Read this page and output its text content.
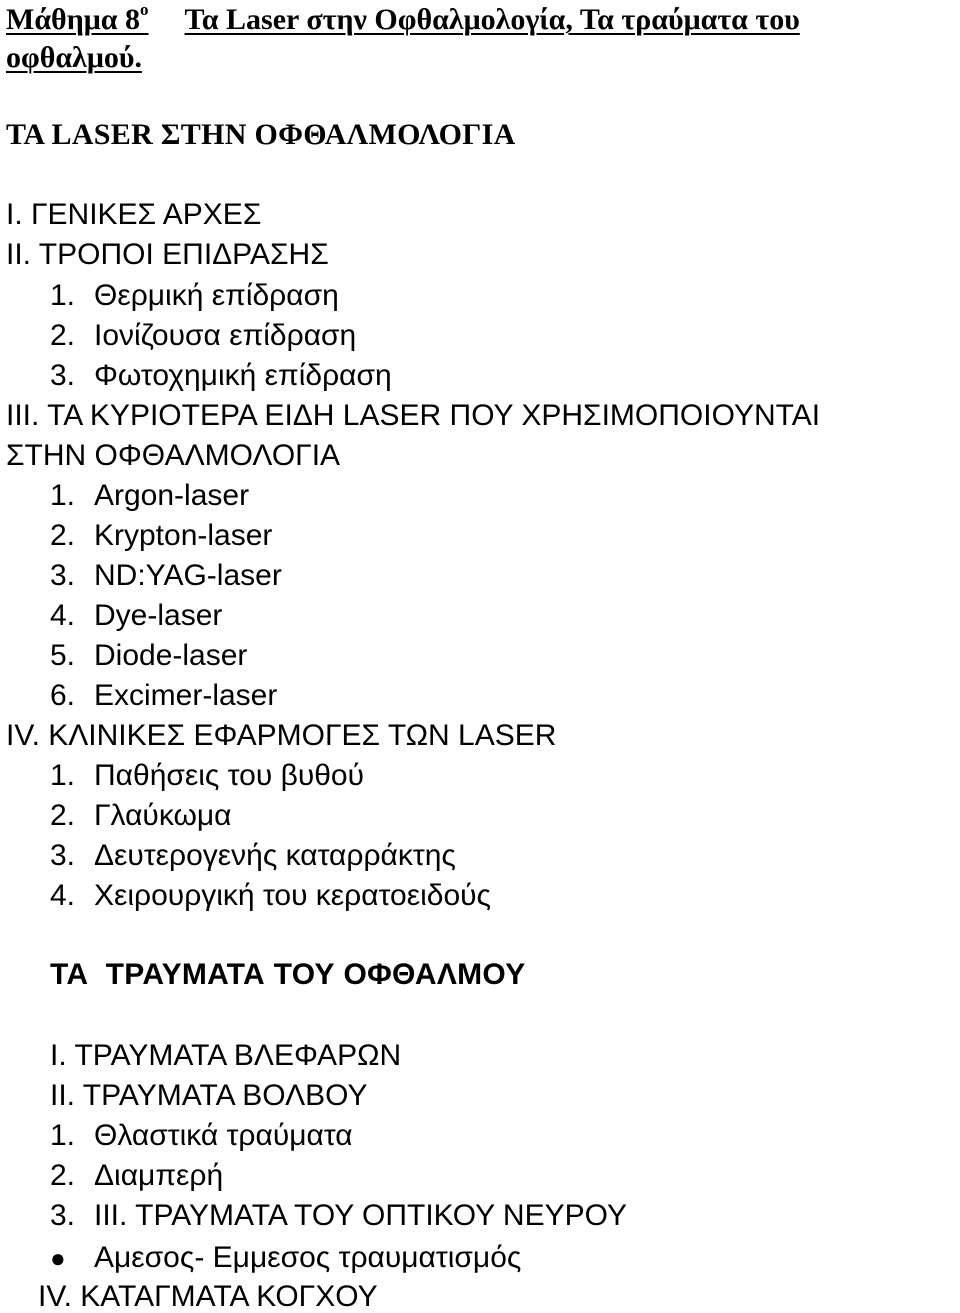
Μάθημα $8^o$ Τα Laser στην Οφθαλμολογία, Τα τραύματα του
οφθαλμού.
ΤΑ LASER ΣΤΗΝ ΟΦΘΑΛΜΟΛΟΓΙΑ
Ι. ΓΕΝΙΚΕΣ ΑΡΧΕΣ
ΙΙ. ΤΡΟΠΟΙ ΕΠΙΔΡΑΣΗΣ
1. Θερμική επίδραση
2. Ιονίζουσα επίδραση
3. Φωτοχημική επίδραση
ΙΙΙ. ΤΑ ΚΥΡΙΟΤΕΡΑ ΕΙΔΗ LASER ΠΟΥ ΧΡΗΣΙΜΟΠΟΙΟΥΝΤΑΙ
ΣΤΗΝ ΟΦΘΑΛΜΟΛΟΓΙΑ
1. Argon-laser
2. Krypton-laser
3. ND:YAG-laser
4. Dye-laser
5. Diode-laser
6. Excimer-laser
IV. ΚΛΙΝΙΚΕΣ ΕΦΑΡΜΟΓΕΣ ΤΩΝ LASER
1. Παθήσεις του βυθού
2. Γλαύκωμα
3. Δευτερογενής καταρράκτης
4. Χειρουργική του κερατοειδούς
ΤΑ  ΤΡΑΥΜΑΤΑ ΤΟΥ ΟΦΘΑΛΜΟΥ
Ι. ΤΡΑΥΜΑΤΑ ΒΛΕΦΑΡΩΝ
ΙΙ. ΤΡΑΥΜΑΤΑ ΒΟΛΒΟΥ
1. Θλαστικά τραύματα
2. Διαμπερή
3. ΙΙΙ. ΤΡΑΥΜΑΤΑ ΤΟΥ ΟΠΤΙΚΟΥ ΝΕΥΡΟΥ
● Αμεσος- Εμμεσος τραυματισμός
IV. ΚΑΤΑΓΜΑΤΑ ΚΟΓΧΟΥ
